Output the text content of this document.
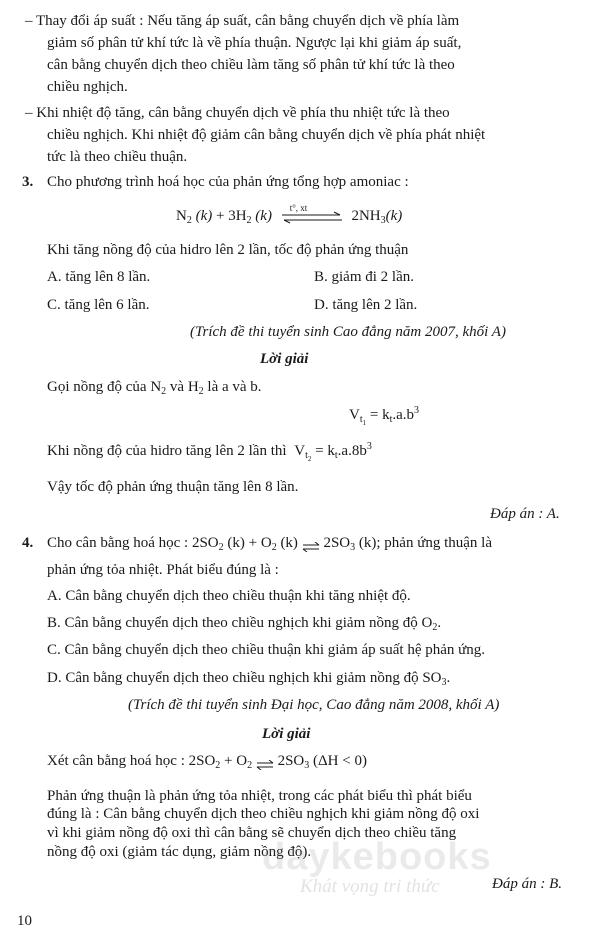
– Thay đổi áp suất : Nếu tăng áp suất, cân bằng chuyển dịch về phía làm
giảm số phân tử khí tức là về phía thuận. Ngược lại khi giảm áp suất,
cân bằng chuyển dịch theo chiều làm tăng số phân tử khí tức là theo
chiều nghịch.
– Khi nhiệt độ tăng, cân bằng chuyển dịch về phía thu nhiệt tức là theo
chiều nghịch. Khi nhiệt độ giảm cân bằng chuyển dịch về phía phát nhiệt
tức là theo chiều thuận.
3. Cho phương trình hoá học của phản ứng tổng hợp amoniac :
$N_2$ $(k) + 3H_2$ (k)
t°, xt
$2NH_3(k)$
Khi tăng nồng độ của hidro lên 2 lần, tốc độ phản ứng thuận
A. tăng lên 8 lần.	B. giảm đi 2 lần.
C. tăng lên 6 lần.	D. tăng lên 2 lần.
(Trích đề thi tuyển sinh Cao đẳng năm 2007, khối A)
Lời giải
Gọi nồng độ của $N_2$ và $H_2$ là a và b.
$V_{t_1} = k_t.a.b^3$
Khi nồng độ của hidro tăng lên 2 lần thì $V_{t_2} = k_t.a.8b^3$
Vậy tốc độ phản ứng thuận tăng lên 8 lần.
Đáp án : A.
4. Cho cân bằng hoá học : $2SO_2$ $(k) + O_2$ (k) ⇌ $2SO_3$ (k); phản ứng thuận là
phản ứng tỏa nhiệt. Phát biểu đúng là :
A. Cân bằng chuyển dịch theo chiều thuận khi tăng nhiệt độ.
B. Cân bằng chuyển dịch theo chiều nghịch khi giảm nồng độ $O_2$.
C. Cân bằng chuyển dịch theo chiều thuận khi giảm áp suất hệ phản ứng.
D. Cân bằng chuyển dịch theo chiều nghịch khi giảm nồng độ $SO_3$.
(Trích đề thi tuyển sinh Đại học, Cao đẳng năm 2008, khối A)
Lời giải
Xét cân bằng hoá học : $2SO_2 + O_2$ ⇌ $2SO_3$ (ΔH < 0)
Phản ứng thuận là phản ứng tỏa nhiệt, trong các phát biểu thì phát biểu
đúng là : Cân bằng chuyển dịch theo chiều nghịch khi giảm nồng độ oxi
vì khi giảm nồng độ oxi thì cân bằng sẽ chuyển dịch theo chiều tăng
nồng độ oxi (giảm tác dụng, giảm nồng độ).
Đáp án : B.
daykebooks
Khát vọng tri thức
10
